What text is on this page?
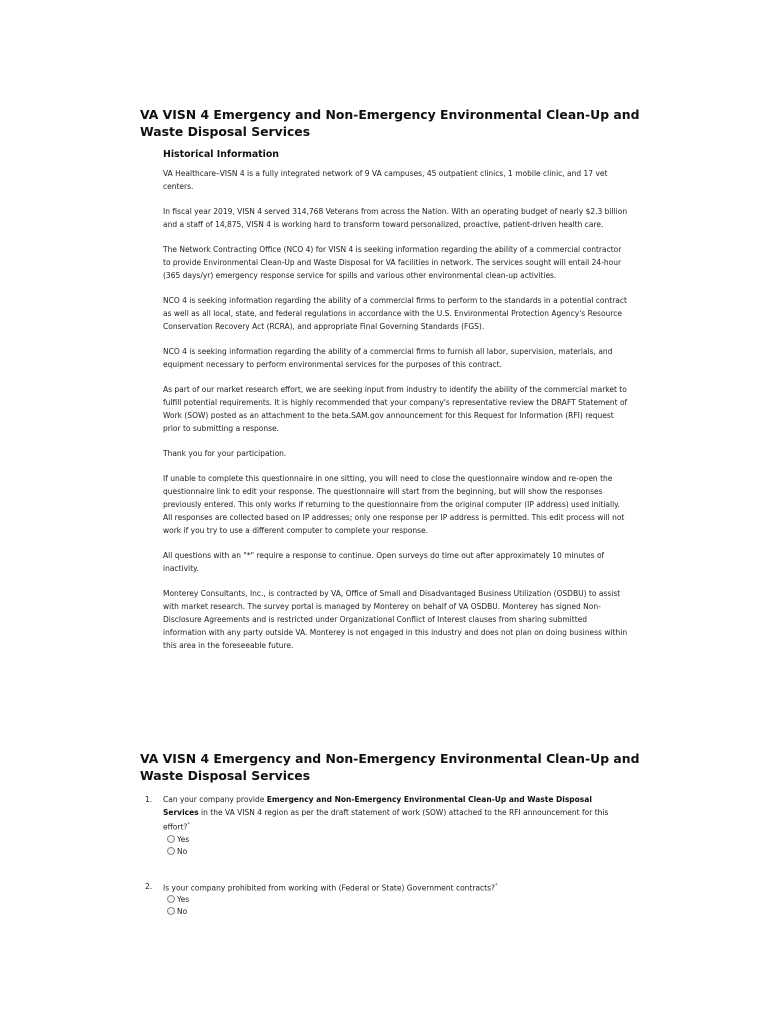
VA VISN 4 Emergency and Non-Emergency Environmental Clean-Up and Waste Disposal Services
Historical Information

VA Healthcare–VISN 4 is a fully integrated network of 9 VA campuses, 45 outpatient clinics, 1 mobile clinic, and 17 vet centers.

In fiscal year 2019, VISN 4 served 314,768 Veterans from across the Nation. With an operating budget of nearly $2.3 billion and a staff of 14,875, VISN 4 is working hard to transform toward personalized, proactive, patient-driven health care.

The Network Contracting Office (NCO 4) for VISN 4 is seeking information regarding the ability of a commercial contractor to provide Environmental Clean-Up and Waste Disposal for VA facilities in network. The services sought will entail 24-hour (365 days/yr) emergency response service for spills and various other environmental clean-up activities.

NCO 4 is seeking information regarding the ability of a commercial firms to perform to the standards in a potential contract as well as all local, state, and federal regulations in accordance with the U.S. Environmental Protection Agency's Resource Conservation Recovery Act (RCRA), and appropriate Final Governing Standards (FGS).

NCO 4 is seeking information regarding the ability of a commercial firms to furnish all labor, supervision, materials, and equipment necessary to perform environmental services for the purposes of this contract.

As part of our market research effort, we are seeking input from industry to identify the ability of the commercial market to fulfill potential requirements. It is highly recommended that your company's representative review the DRAFT Statement of Work (SOW) posted as an attachment to the beta.SAM.gov announcement for this Request for Information (RFI) request prior to submitting a response.

Thank you for your participation.

If unable to complete this questionnaire in one sitting, you will need to close the questionnaire window and re-open the questionnaire link to edit your response. The questionnaire will start from the beginning, but will show the responses previously entered. This only works if returning to the questionnaire from the original computer (IP address) used initially. All responses are collected based on IP addresses; only one response per IP address is permitted. This edit process will not work if you try to use a different computer to complete your response.

All questions with an "*" require a response to continue. Open surveys do time out after approximately 10 minutes of inactivity.

Monterey Consultants, Inc., is contracted by VA, Office of Small and Disadvantaged Business Utilization (OSDBU) to assist with market research. The survey portal is managed by Monterey on behalf of VA OSDBU. Monterey has signed Non-Disclosure Agreements and is restricted under Organizational Conflict of Interest clauses from sharing submitted information with any party outside VA. Monterey is not engaged in this industry and does not plan on doing business within this area in the foreseeable future.

VA VISN 4 Emergency and Non-Emergency Environmental Clean-Up and Waste Disposal Services
1. Can your company provide Emergency and Non-Emergency Environmental Clean-Up and Waste Disposal Services in the VA VISN 4 region as per the draft statement of work (SOW) attached to the RFI announcement for this effort?*
Yes
No
2. Is your company prohibited from working with (Federal or State) Government contracts?*
Yes
No
